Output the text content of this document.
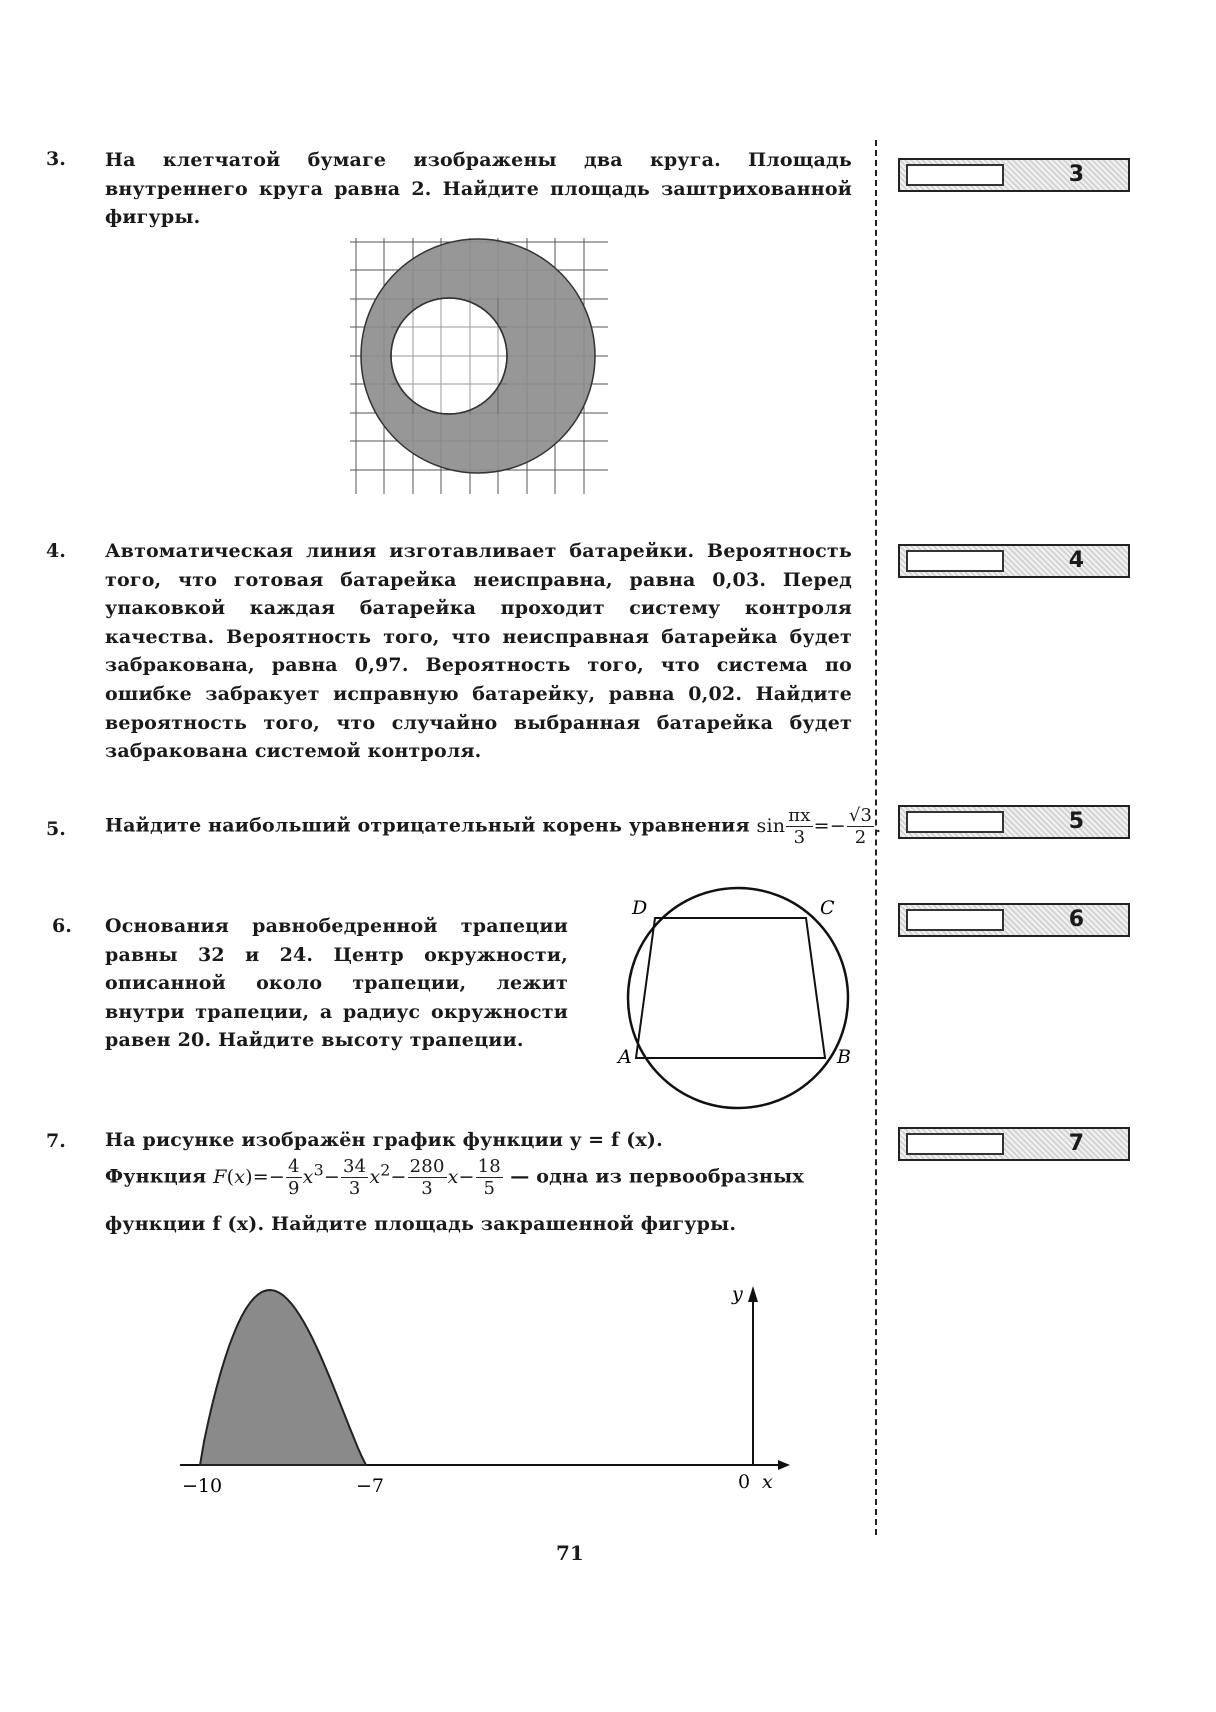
3. На клетчатой бумаге изображены два круга. Площадь внутреннего круга равна 2. Найдите площадь заштрихованной фигуры.
3
4. Автоматическая линия изготавливает батарейки. Вероятность того, что готовая батарейка неисправна, равна 0,03. Перед упаковкой каждая батарейка проходит систему контроля качества. Вероятность того, что неисправная батарейка будет забракована, равна 0,97. Вероятность того, что система по ошибке забракует исправную батарейку, равна 0,02. Найдите вероятность того, что случайно выбранная батарейка будет забракована системой контроля.
4
5. Найдите наибольший отрицательный корень уравнения $\sin \frac{\pi x}{3} =- \frac{√3}{2}$ .	5
6. Основания равнобедренной трапеции равны 32 и 24. Центр окружности, описанной около трапеции, лежит внутри трапеции, а радиус окружности равен 20. Найдите высоту трапеции.
6
A	B
C
D
7. На рисунке изображён график функции y = f (x).
Функция $F(x)=- \frac{4}{9} x^3- \frac{34}{3} x^2- \frac{280}{3} x- \frac{18}{5}$ — одна из первообразных
функции f (x). Найдите площадь закрашенной фигуры.
7
−10	−7	0 x
y
71
